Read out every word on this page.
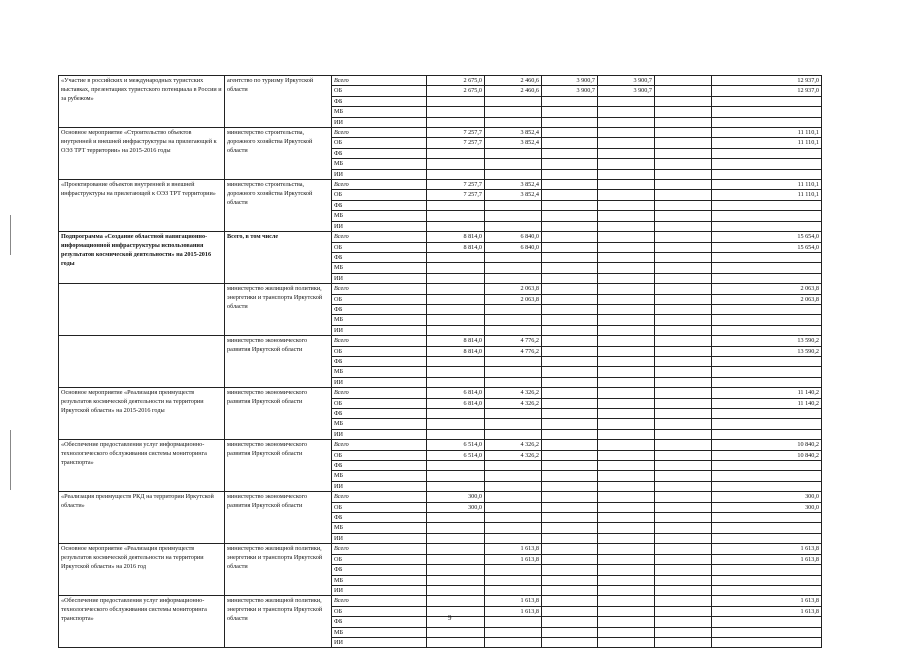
«Участие в российских и международных туристских выставках, презентациях туристского потенциала в России и за рубежом»	агентство по туризму Иркутской области	Всего	2 675,0	2 460,6	3 900,7	3 900,7		12 937,0
		ОБ	2 675,0	2 460,6	3 900,7	3 900,7		12 937,0
		ФБ						
		МБ						
		ИИ						
Основное мероприятие «Строительство объектов внутренней и внешней инфраструктуры на прилегающей к ОЭЗ ТРТ территории» на 2015-2016 годы	министерство строительства, дорожного хозяйства Иркутской области	Всего	7 257,7	3 852,4				11 110,1
		ОБ	7 257,7	3 852,4				11 110,1
		ФБ						
		МБ						
		ИИ						
«Проектирование объектов внутренней и внешней инфраструктуры на прилегающей к ОЭЗ ТРТ территории»	министерство строительства, дорожного хозяйства Иркутской области	Всего	7 257,7	3 852,4				11 110,1
		ОБ	7 257,7	3 852,4				11 110,1
		ФБ						
		МБ						
		ИИ						
Подпрограмма «Создание областной навигационно-информационной инфраструктуры использования результатов космической деятельности» на 2015-2016 годы	Всего, в том числе	Всего	8 814,0	6 840,0				15 654,0
		ОБ	8 814,0	6 840,0				15 654,0
		ФБ						
		МБ						
		ИИ						
	министерство жилищной политики, энергетики и транспорта Иркутской области	Всего		2 063,8				2 063,8
		ОБ		2 063,8				2 063,8
		ФБ						
		МБ						
		ИИ						
	министерство экономического развития Иркутской области	Всего	8 814,0	4 776,2				13 590,2
		ОБ	8 814,0	4 776,2				13 590,2
		ФБ						
		МБ						
		ИИ						
Основное мероприятие «Реализация преимуществ результатов космической деятельности на территории Иркутской области» на 2015-2016 годы	министерство экономического развития Иркутской области	Всего	6 814,0	4 326,2				11 140,2
		ОБ	6 814,0	4 326,2				11 140,2
		ФБ						
		МБ						
		ИИ						
«Обеспечение предоставления услуг информационно-технологического обслуживания системы мониторинга транспорта»	министерство экономического развития Иркутской области	Всего	6 514,0	4 326,2				10 840,2
		ОБ	6 514,0	4 326,2				10 840,2
		ФБ						
		МБ						
		ИИ						
«Реализация преимуществ РКД на территории Иркутской области»	министерство экономического развития Иркутской области	Всего	300,0					300,0
		ОБ	300,0					300,0
		ФБ						
		МБ						
		ИИ						
Основное мероприятие «Реализация преимуществ результатов космической деятельности на территории Иркутской области» на 2016 год	министерство жилищной политики, энергетики и транспорта Иркутской области	Всего		1 613,8				1 613,8
		ОБ		1 613,8				1 613,8
		ФБ						
		МБ						
		ИИ						
«Обеспечение предоставления услуг информационно-технологического обслуживания системы мониторинга транспорта»	министерство жилищной политики, энергетики и транспорта Иркутской области	Всего		1 613,8				1 613,8
		ОБ		1 613,8				1 613,8
		ФБ						
		МБ						
		ИИ						
9
